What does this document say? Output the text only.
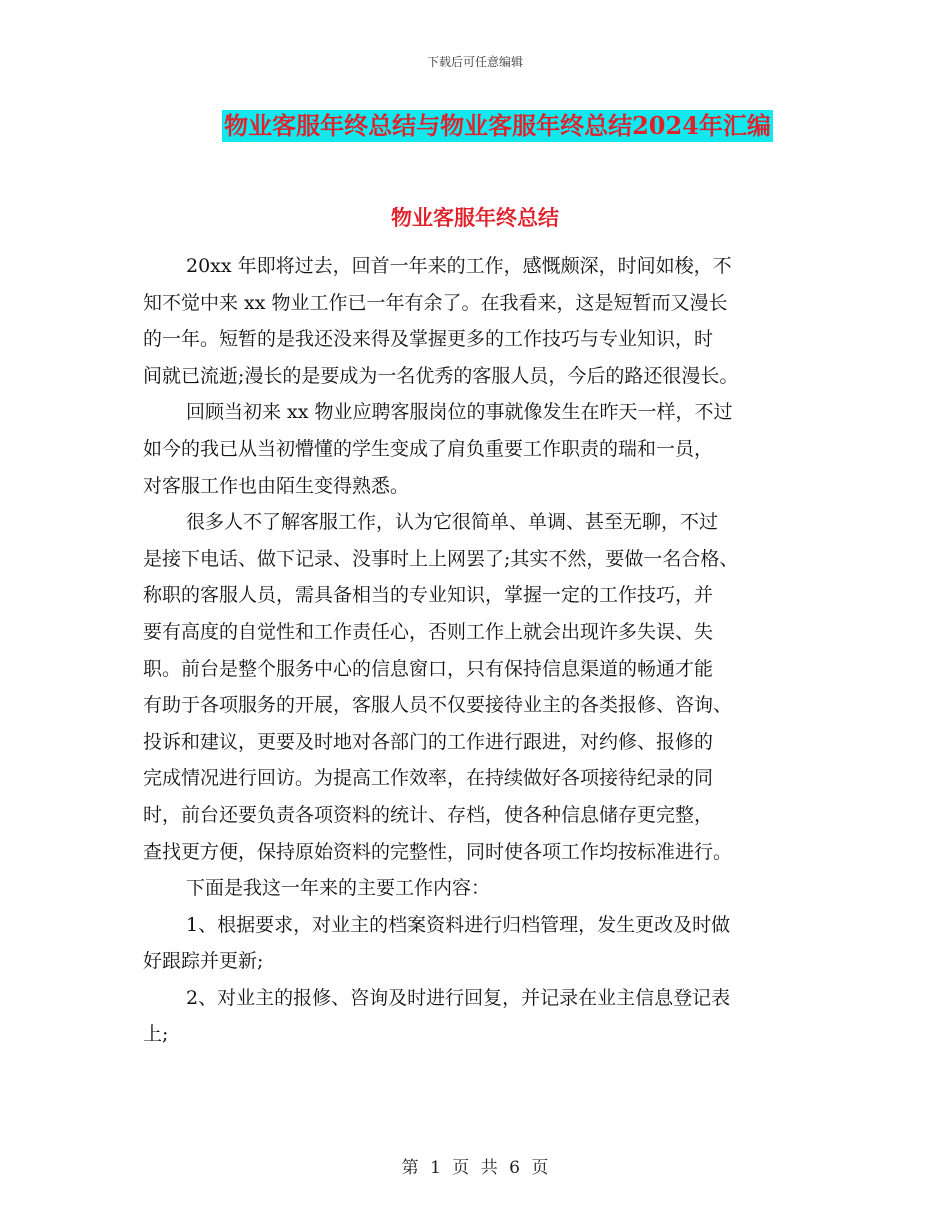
下载后可任意编辑
物业客服年终总结与物业客服年终总结2024年汇编
物业客服年终总结
20xx 年即将过去，回首一年来的工作，感慨颇深，时间如梭，不
知不觉中来 xx 物业工作已一年有余了。在我看来，这是短暂而又漫长
的一年。短暂的是我还没来得及掌握更多的工作技巧与专业知识，时
间就已流逝;漫长的是要成为一名优秀的客服人员，今后的路还很漫长。
回顾当初来 xx 物业应聘客服岗位的事就像发生在昨天一样，不过
如今的我已从当初懵懂的学生变成了肩负重要工作职责的瑞和一员，
对客服工作也由陌生变得熟悉。
很多人不了解客服工作，认为它很简单、单调、甚至无聊，不过
是接下电话、做下记录、没事时上上网罢了;其实不然，要做一名合格、
称职的客服人员，需具备相当的专业知识，掌握一定的工作技巧，并
要有高度的自觉性和工作责任心，否则工作上就会出现许多失误、失
职。前台是整个服务中心的信息窗口，只有保持信息渠道的畅通才能
有助于各项服务的开展，客服人员不仅要接待业主的各类报修、咨询、
投诉和建议，更要及时地对各部门的工作进行跟进，对约修、报修的
完成情况进行回访。为提高工作效率，在持续做好各项接待纪录的同
时，前台还要负责各项资料的统计、存档，使各种信息储存更完整，
查找更方便，保持原始资料的完整性，同时使各项工作均按标准进行。
下面是我这一年来的主要工作内容：
1、根据要求，对业主的档案资料进行归档管理，发生更改及时做
好跟踪并更新;
2、对业主的报修、咨询及时进行回复，并记录在业主信息登记表
上;
第 1 页 共 6 页
